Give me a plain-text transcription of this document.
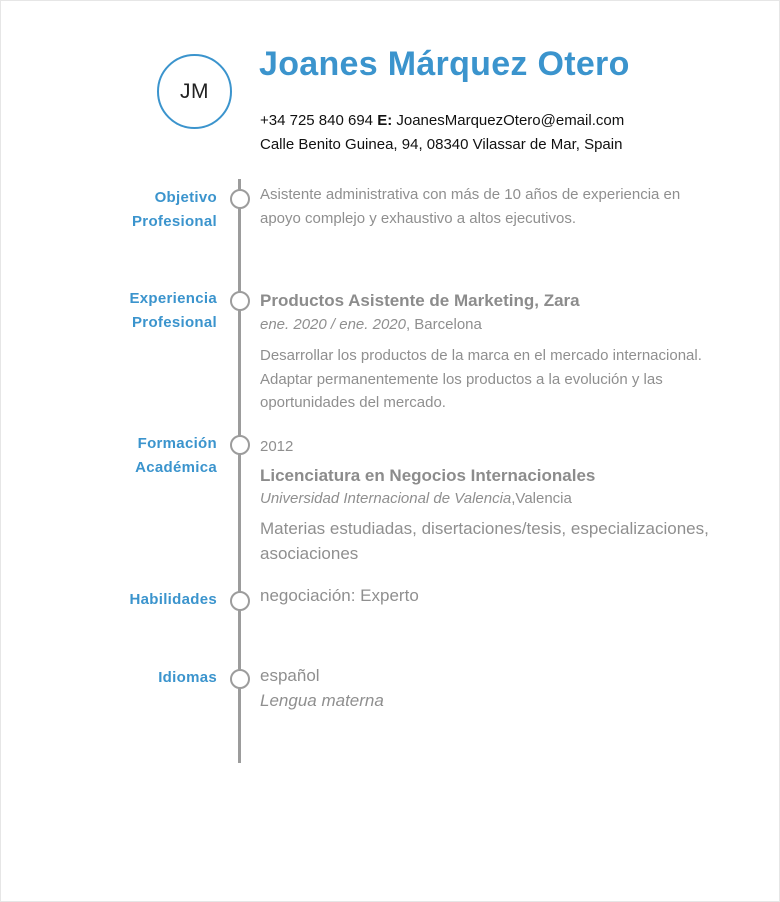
JM
Joanes Márquez Otero
+34 725 840 694 E: JoanesMarquezOtero@email.com
Calle Benito Guinea, 94, 08340 Vilassar de Mar, Spain
Objetivo
Profesional
Asistente administrativa con más de 10 años de experiencia en
apoyo complejo y exhaustivo a altos ejecutivos.
Experiencia
Profesional
Productos Asistente de Marketing, Zara
ene. 2020 / ene. 2020, Barcelona
Desarrollar los productos de la marca en el mercado internacional.
Adaptar permanentemente los productos a la evolución y las
oportunidades del mercado.
Formación
Académica
2012
Licenciatura en Negocios Internacionales
Universidad Internacional de Valencia,Valencia
Materias estudiadas, disertaciones/tesis, especializaciones,
asociaciones
Habilidades	negociación: Experto
Idiomas	español
Lengua materna
